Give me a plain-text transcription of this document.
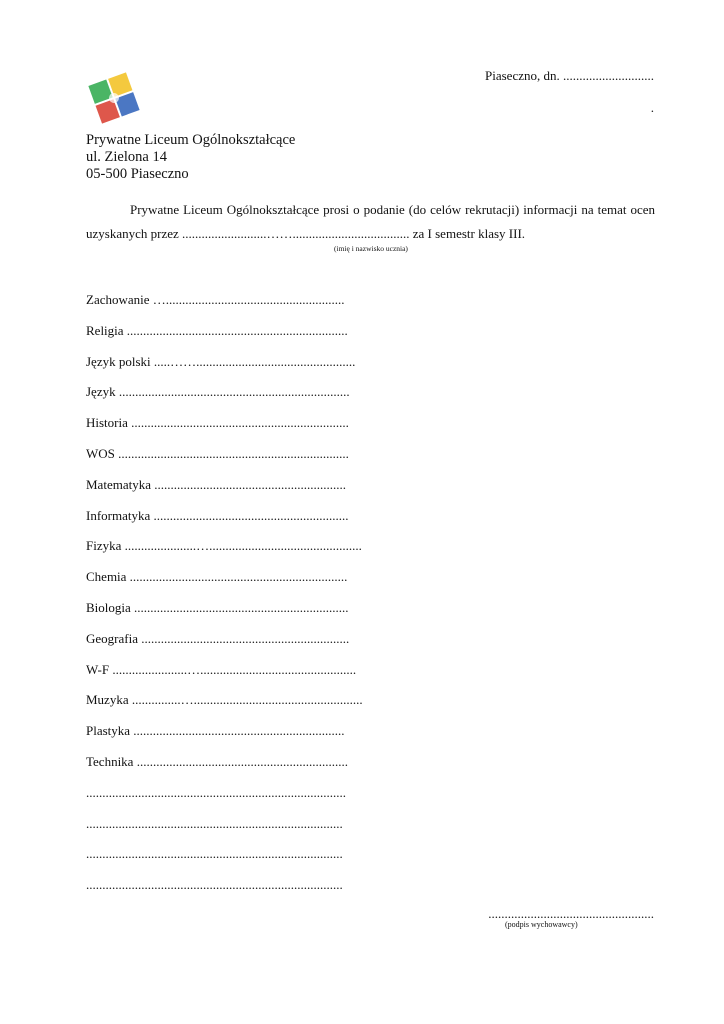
Piaseczno, dn. ............................
.
Prywatne Liceum Ogólnokształcące
ul. Zielona 14
05-500 Piaseczno

Prywatne Liceum Ogólnokształcące prosi o podanie (do celów rekrutacji) informacji na temat ocen uzyskanych przez ..........................…….................................... za I semestr klasy III.

(imię i nazwisko ucznia)
Zachowanie ….......................................................
Religia ....................................................................
Język polski .....…….................................................
Język .......................................................................
Historia ...................................................................
WOS .......................................................................
Matematyka ...........................................................
Informatyka ............................................................
Fizyka ......................…...............................................
Chemia ...................................................................
Biologia ..................................................................
Geografia ................................................................
W-F .......................…................................................
Muzyka ...............…....................................................
Plastyka .................................................................
Technika .................................................................
................................................................................
...............................................................................
...............................................................................
...............................................................................
...................................................
(podpis wychowawcy)
